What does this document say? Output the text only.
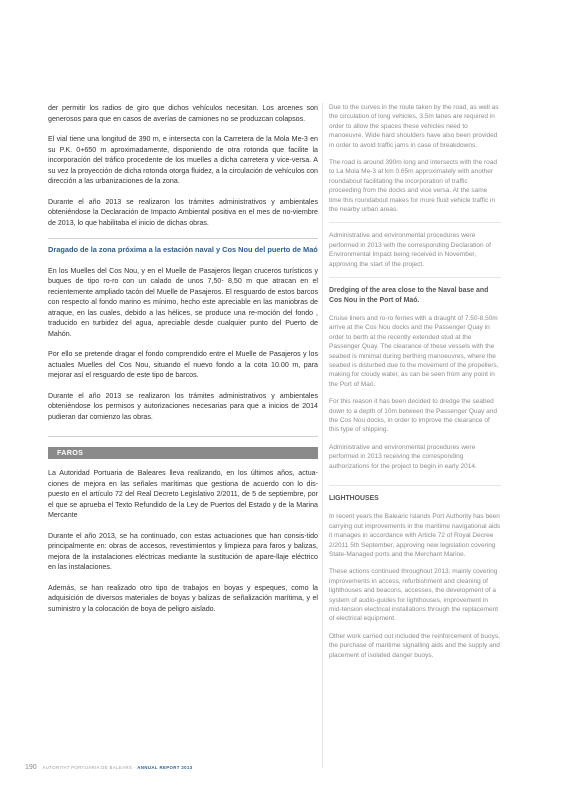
der permitir los radios de giro que dichos vehículos necesitan. Los arcenes son generosos para que en casos de averías de camiones no se produzcan colapsos.

El vial tiene una longitud de 390 m, e intersecta con la Carretera de la Mola Me-3 en su P.K. 0+650 m aproximadamente, disponiendo de otra rotonda que facilite la incorporación del tráfico procedente de los muelles a dicha carretera y vice-versa. A su vez la proyección de dicha rotonda otorga fluidez, a la circulación de vehículos con dirección a las urbanizaciones de la zona.

Durante el año 2013 se realizaron los trámites administrativos y ambientales obteniéndose la Declaración de Impacto Ambiental positiva en el mes de no-viembre de 2013, lo que habilitaba el inicio de dichas obras.

Dragado de la zona próxima a la estación naval y Cos Nou del puerto de Maó

En los Muelles del Cos Nou, y en el Muelle de Pasajeros llegan cruceros turísticos y buques de tipo ro-ro con un calado de unos 7,50- 8,50 m que atracan en el recientemente ampliado tacón del Muelle de Pasajeros. El resguardo de estos barcos con respecto al fondo marino es mínimo, hecho este apreciable en las maniobras de atraque, en las cuales, debido a las hélices, se produce una re-moción del fondo , traducido en turbidez del agua, apreciable desde cualquier punto del Puerto de Mahón.

Por ello se pretende dragar el fondo comprendido entre el Muelle de Pasajeros y los actuales Muelles del Cos Nou, situando el nuevo fondo a la cota 10.00 m, para mejorar así el resguardo de este tipo de barcos.

Durante el año 2013 se realizaron los trámites administrativos y ambientales obteniéndose los permisos y autorizaciones necesarias para que a inicios de 2014 pudieran dar comienzo las obras.

FAROS

La Autoridad Portuaria de Baleares lleva realizando, en los últimos años, actua-ciones de mejora en las señales marítimas que gestiona de acuerdo con lo dis-puesto en el artículo 72 del Real Decreto Legislativo 2/2011, de 5 de septiembre, por el que se aprueba el Texto Refundido de la Ley de Puertos del Estado y de la Marina Mercante

Durante el año 2013, se ha continuado, con estas actuaciones que han consis-tido principalmente en: obras de accesos, revestimientos y limpieza para faros y balizas, mejora de la instalaciones eléctricas mediante la sustitución de apare-llaje eléctrico en las instalaciones.

Además, se han realizado otro tipo de trabajos en boyas y espeques, como la adquisición de diversos materiales de boyas y balizas de señalización marítima, y el suministro y la colocación de boya de peligro aislado.

Due to the curves in the route taken by the road, as well as the circulation of long vehicles, 3.5m lanes are required in order to allow the spaces these vehicles need to manoeuvre. Wide hard shoulders have also been provided in order to avoid traffic jams in case of breakdowns.

The road is around 390m long and intersects with the road to La Mola Me-3 at km 0.65m approximately with another roundabout facilitating the incorporation of traffic proceeding from the docks and vice versa. At the same time this roundabout makes for more fluid vehicle traffic in the nearby urban areas.

Administrative and environmental procedures were performed in 2013 with the corresponding Declaration of Environmental Impact being received in November, approving the start of the project.

Dredging of the area close to the Naval base and Cos Nou in the Port of Maó.

Cruise liners and ro-ro ferries with a draught of 7.50-8.50m arrive at the Cos Nou docks and the Passenger Quay in order to berth at the recently extended stud at the Passenger Quay. The clearance of these vessels with the seabed is minimal during berthing manoeuvres, where the seabed is disturbed due to the movement of the propellers, making for cloudy water, as can be seen from any point in the Port of Maó.

For this reason it has been decided to dredge the seabed down to a depth of 10m between the Passenger Quay and the Cos Nou docks, in order to improve the clearance of this type of shipping.

Administrative and environmental procedures were performed in 2013 receiving the corresponding authorizations for the project to begin in early 2014.

LIGHTHOUSES

In recent years the Balearic Islands Port Authority has been carrying out improvements in the maritime navigational aids it manages in accordance with Article 72 of Royal Decree 2/2011 5th September, approving new legislation covering State-Managed ports and the Merchant Marine.

These actions continued throughout 2013, mainly covering improvements in access, refurbishment and cleaning of lighthouses and beacons, accesses, the development of a system of audio-guides for lighthouses, improvement in mid-tension electrical installations through the replacement of electrical equipment.

Other work carried out included the reinforcement of buoys, the purchase of maritime signalling aids and the supply and placement of isolated danger buoys.

190 AUTORITAT PORTUÀRIA DE BALEARS · ANNUAL REPORT 2013
